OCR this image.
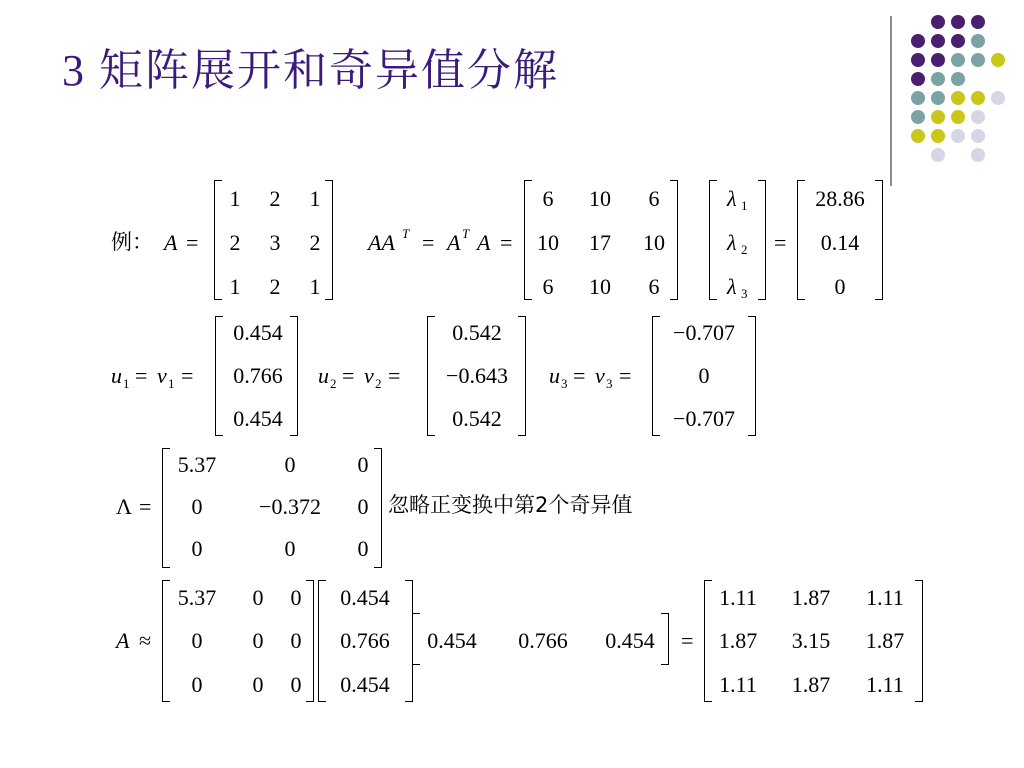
3 矩阵展开和奇异值分解
例： A =
1 2 1
2 3 2
1 2 1
AA T = A T A =
6 10 6
10 17 10
6 10 6
λ 1
λ 2
λ 3
=
28.86
0.14
0
u 1 = v 1 =
0.454
0.766
0.454
u 2 = v 2 =
0.542
−0.643
0.542
u 3 = v 3 =
−0.707
0
−0.707
Λ =
5.37	0	0
0	−0.372 0
0	0	0
忽略正变换中第2个奇异值
A ≈
5.37 0 0
0 0 0
0 0 0
0.454
0.766
0.454
0.454 0.766 0.454 =
1.11 1.87 1.11
1.87 3.15 1.87
1.11 1.87 1.11
